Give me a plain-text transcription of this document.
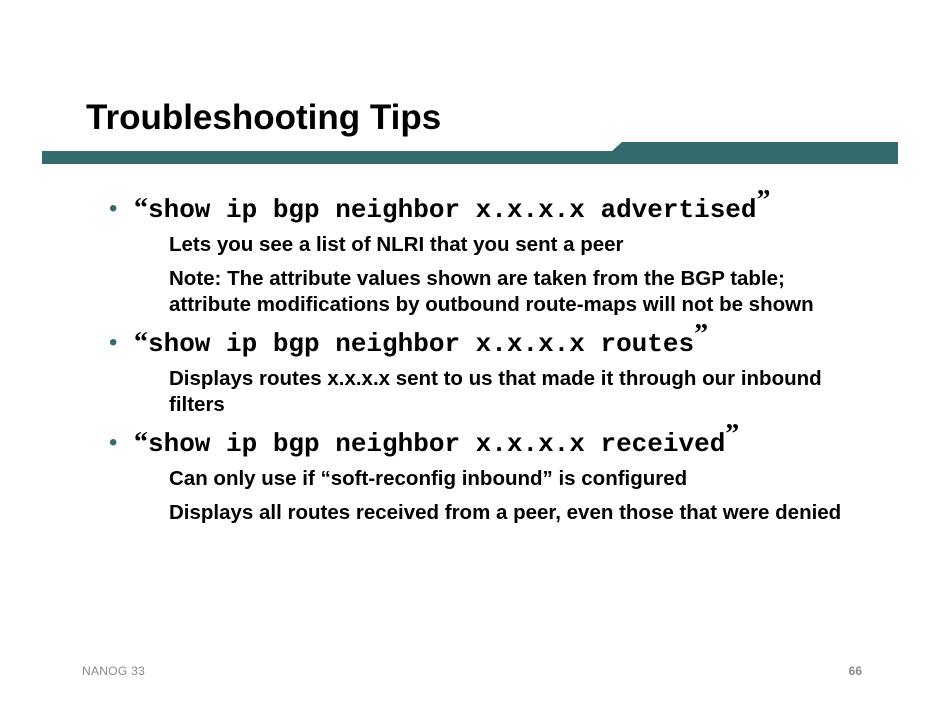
Troubleshooting Tips
• “show ip bgp neighbor x.x.x.x advertised”
Lets you see a list of NLRI that you sent a peer
Note: The attribute values shown are taken from the BGP table; attribute modifications by outbound route-maps will not be shown
• “show ip bgp neighbor x.x.x.x routes”
Displays routes x.x.x.x sent to us that made it through our inbound filters
• “show ip bgp neighbor x.x.x.x received”
Can only use if “soft-reconfig inbound” is configured
Displays all routes received from a peer, even those that were denied
NANOG 33	66
